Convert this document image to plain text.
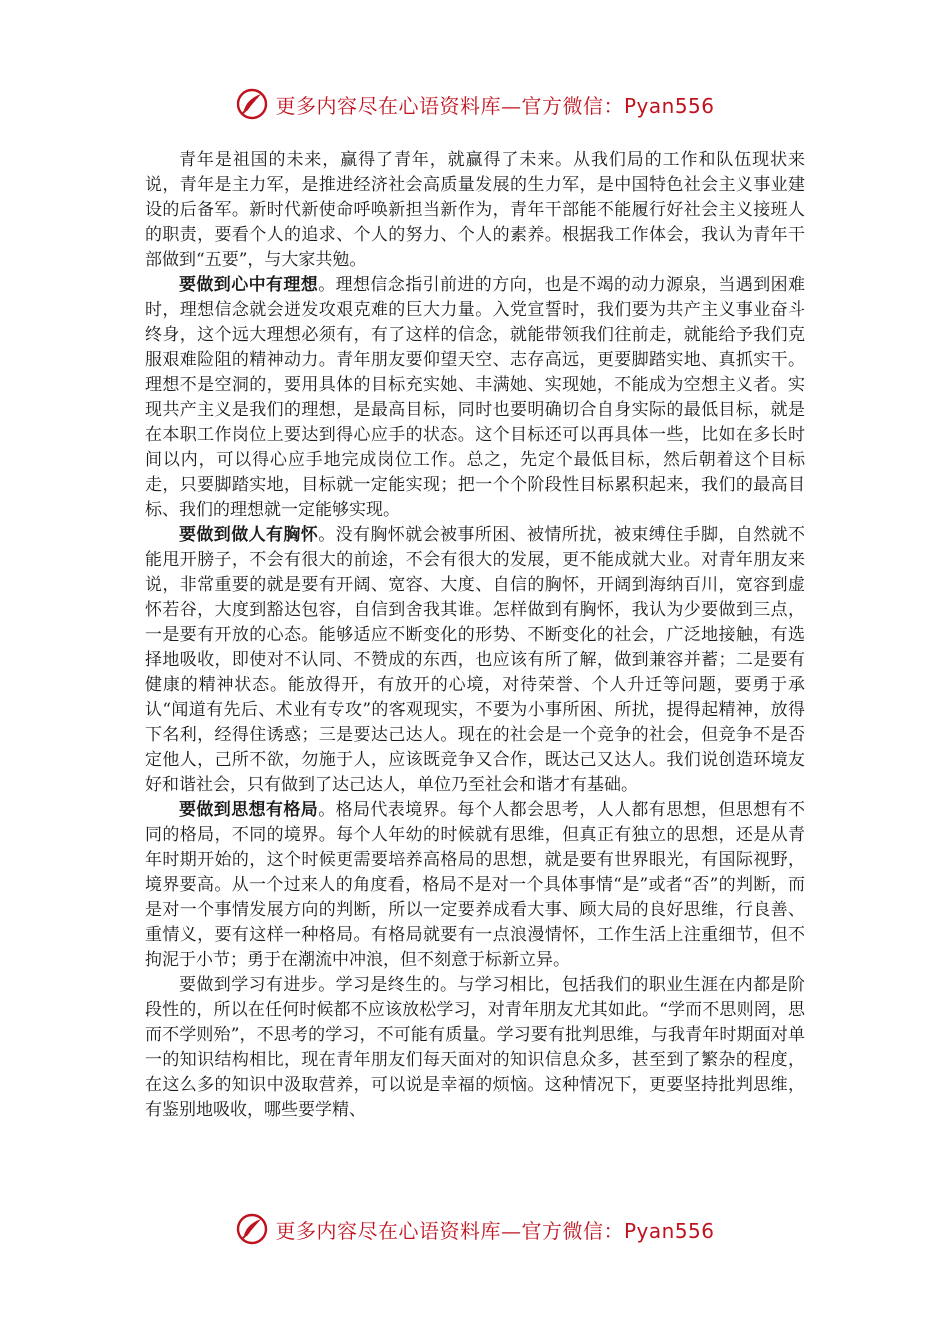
更多内容尽在心语资料库—官方微信：Pyan556

青年是祖国的未来，赢得了青年，就赢得了未来。从我们局的工作和队伍现状来说，青年是主力军，是推进经济社会高质量发展的生力军，是中国特色社会主义事业建设的后备军。新时代新使命呼唤新担当新作为，青年干部能不能履行好社会主义接班人的职责，要看个人的追求、个人的努力、个人的素养。根据我工作体会，我认为青年干部做到“五要”，与大家共勉。

要做到心中有理想。理想信念指引前进的方向，也是不竭的动力源泉，当遇到困难时，理想信念就会迸发攻艰克难的巨大力量。入党宣誓时，我们要为共产主义事业奋斗终身，这个远大理想必须有，有了这样的信念，就能带领我们往前走，就能给予我们克服艰难险阻的精神动力。青年朋友要仰望天空、志存高远，更要脚踏实地、真抓实干。理想不是空洞的，要用具体的目标充实她、丰满她、实现她，不能成为空想主义者。实现共产主义是我们的理想，是最高目标，同时也要明确切合自身实际的最低目标，就是在本职工作岗位上要达到得心应手的状态。这个目标还可以再具体一些，比如在多长时间以内，可以得心应手地完成岗位工作。总之，先定个最低目标，然后朝着这个目标走，只要脚踏实地，目标就一定能实现；把一个个阶段性目标累积起来，我们的最高目标、我们的理想就一定能够实现。

要做到做人有胸怀。没有胸怀就会被事所困、被情所扰，被束缚住手脚，自然就不能甩开膀子，不会有很大的前途，不会有很大的发展，更不能成就大业。对青年朋友来说，非常重要的就是要有开阔、宽容、大度、自信的胸怀，开阔到海纳百川，宽容到虚怀若谷，大度到豁达包容，自信到舍我其谁。怎样做到有胸怀，我认为少要做到三点，一是要有开放的心态。能够适应不断变化的形势、不断变化的社会，广泛地接触，有选择地吸收，即使对不认同、不赞成的东西，也应该有所了解，做到兼容并蓄；二是要有健康的精神状态。能放得开，有放开的心境，对待荣誉、个人升迁等问题，要勇于承认“闻道有先后、术业有专攻”的客观现实，不要为小事所困、所扰，提得起精神，放得下名利，经得住诱惑；三是要达己达人。现在的社会是一个竞争的社会，但竞争不是否定他人，己所不欲，勿施于人，应该既竞争又合作，既达己又达人。我们说创造环境友好和谐社会，只有做到了达己达人，单位乃至社会和谐才有基础。

要做到思想有格局。格局代表境界。每个人都会思考，人人都有思想，但思想有不同的格局，不同的境界。每个人年幼的时候就有思维，但真正有独立的思想，还是从青年时期开始的，这个时候更需要培养高格局的思想，就是要有世界眼光，有国际视野，境界要高。从一个过来人的角度看，格局不是对一个具体事情“是”或者“否”的判断，而是对一个事情发展方向的判断，所以一定要养成看大事、顾大局的良好思维，行良善、重情义，要有这样一种格局。有格局就要有一点浪漫情怀，工作生活上注重细节，但不拘泥于小节；勇于在潮流中冲浪，但不刻意于标新立异。

要做到学习有进步。学习是终生的。与学习相比，包括我们的职业生涯在内都是阶段性的，所以在任何时候都不应该放松学习，对青年朋友尤其如此。“学而不思则罔，思而不学则殆”，不思考的学习，不可能有质量。学习要有批判思维，与我青年时期面对单一的知识结构相比，现在青年朋友们每天面对的知识信息众多，甚至到了繁杂的程度，在这么多的知识中汲取营养，可以说是幸福的烦恼。这种情况下，更要坚持批判思维，有鉴别地吸收，哪些要学精、

更多内容尽在心语资料库—官方微信：Pyan556
